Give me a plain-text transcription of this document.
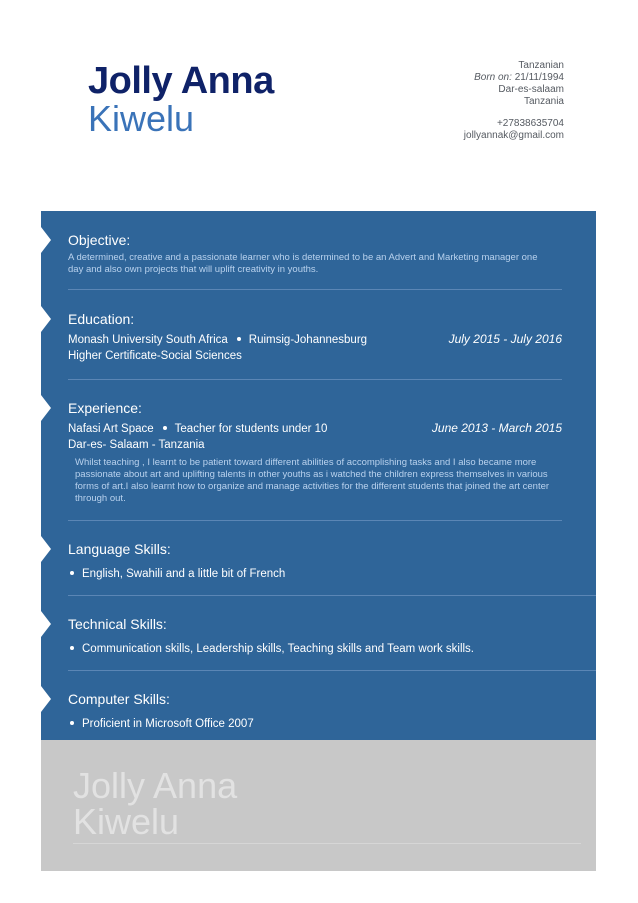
Jolly Anna
Kiwelu
Tanzanian
Born on: 21/11/1994
Dar-es-salaam
Tanzania
+27838635704
jollyannak@gmail.com
Objective:
A determined, creative and a passionate learner who is determined to be an Advert and Marketing manager one day and also own projects that will uplift creativity in youths.
Education:
Monash University South Africa Ruimsig-Johannesburg	July 2015 - July 2016
Higher Certificate-Social Sciences
Experience:
Nafasi Art Space Teacher for students under 10	June 2013 - March 2015
Dar-es- Salaam - Tanzania
Whilst teaching , I learnt to be patient toward different abilities of accomplishing tasks and I also became more passionate about art and uplifting talents in other youths as i watched the children express themselves in various forms of art.I also learnt how to organize and manage activities for the different students that joined the art center through out.
Language Skills:
English, Swahili and a little bit of French
Technical Skills:
Communication skills, Leadership skills, Teaching skills and Team work skills.
Computer Skills:
Proficient in Microsoft Office 2007
Jolly Anna
Kiwelu
